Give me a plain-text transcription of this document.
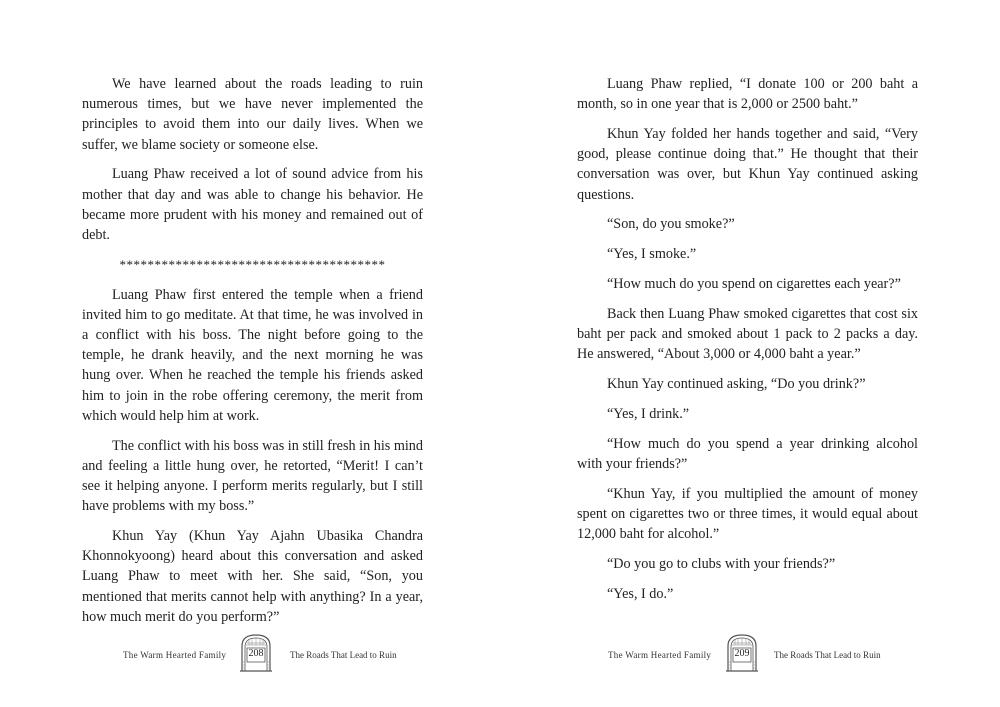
We have learned about the roads leading to ruin numerous times, but we have never implemented the principles to avoid them into our daily lives. When we suffer, we blame society or someone else.

Luang Phaw received a lot of sound advice from his mother that day and was able to change his behavior. He became more prudent with his money and remained out of debt.

**************************************

Luang Phaw first entered the temple when a friend invited him to go meditate. At that time, he was involved in a conflict with his boss. The night before going to the temple, he drank heavily, and the next morning he was hung over. When he reached the temple his friends asked him to join in the robe offering ceremony, the merit from which would help him at work.

The conflict with his boss was in still fresh in his mind and feeling a little hung over, he retorted, “Merit! I can’t see it helping anyone. I perform merits regularly, but I still have problems with my boss.”

Khun Yay (Khun Yay Ajahn Ubasika Chandra Khonnokyoong) heard about this conversation and asked Luang Phaw to meet with her. She said, “Son, you mentioned that merits cannot help with anything? In a year, how much merit do you perform?”

The Warm Hearted Family	208	The Roads That Lead to Ruin

Luang Phaw replied, “I donate 100 or 200 baht a month, so in one year that is 2,000 or 2500 baht.”

Khun Yay folded her hands together and said, “Very good, please continue doing that.” He thought that their conversation was over, but Khun Yay continued asking questions.

“Son, do you smoke?”

“Yes, I smoke.”

“How much do you spend on cigarettes each year?”

Back then Luang Phaw smoked cigarettes that cost six baht per pack and smoked about 1 pack to 2 packs a day. He answered, “About 3,000 or 4,000 baht a year.”

Khun Yay continued asking, “Do you drink?”

“Yes, I drink.”

“How much do you spend a year drinking alcohol with your friends?”

“Khun Yay, if you multiplied the amount of money spent on cigarettes two or three times, it would equal about 12,000 baht for alcohol.”

“Do you go to clubs with your friends?”

“Yes, I do.”

The Warm Hearted Family	209	The Roads That Lead to Ruin
